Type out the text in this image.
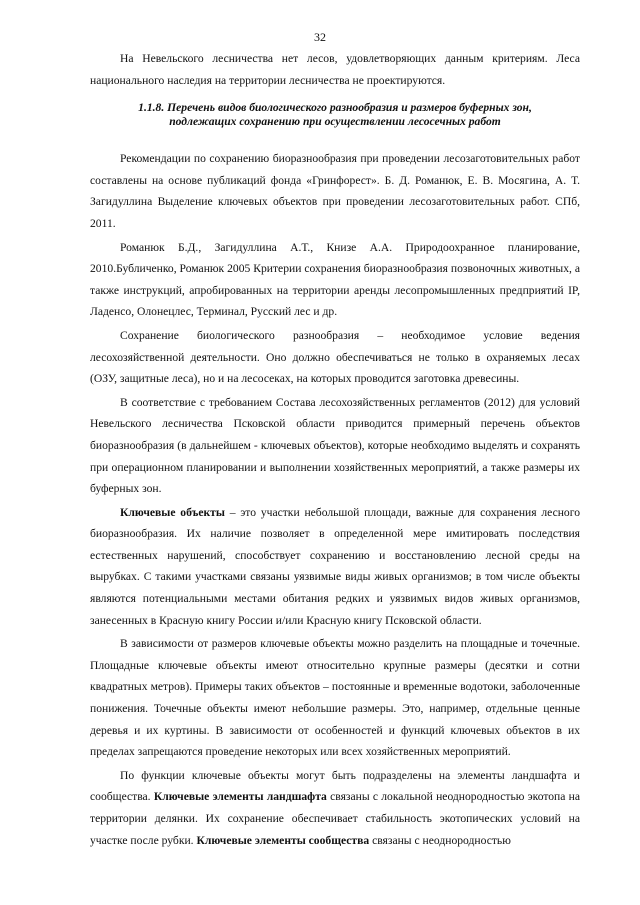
32

На Невельского лесничества нет лесов, удовлетворяющих данным критериям. Леса национального наследия на территории лесничества не проектируются.

1.1.8. Перечень видов биологического разнообразия и размеров буферных зон,
подлежащих сохранению при осуществлении лесосечных работ

Рекомендации по сохранению биоразнообразия при проведении лесозаготовительных работ составлены на основе публикаций фонда «Гринфорест». Б. Д. Романюк, Е. В. Мосягина, А. Т. Загидуллина Выделение ключевых объектов при проведении лесозаготовительных работ. СПб, 2011.

Романюк Б.Д., Загидуллина А.Т., Книзе А.А. Природоохранное планирование, 2010.Бубличенко, Романюк 2005 Критерии сохранения биоразнообразия позвоночных животных, а также инструкций, апробированных на территории аренды лесопромышленных предприятий IP, Ладенсо, Олонецлес, Терминал, Русский лес и др.

Сохранение биологического разнообразия – необходимое условие ведения лесохозяйственной деятельности. Оно должно обеспечиваться не только в охраняемых лесах (ОЗУ, защитные леса), но и на лесосеках, на которых проводится заготовка древесины.

В соответствие с требованием Состава лесохозяйственных регламентов (2012) для условий Невельского лесничества Псковской области приводится примерный перечень объектов биоразнообразия (в дальнейшем - ключевых объектов), которые необходимо выделять и сохранять при операционном планировании и выполнении хозяйственных мероприятий, а также размеры их буферных зон.

Ключевые объекты – это участки небольшой площади, важные для сохранения лесного биоразнообразия. Их наличие позволяет в определенной мере имитировать последствия естественных нарушений, способствует сохранению и восстановлению лесной среды на вырубках. С такими участками связаны уязвимые виды живых организмов; в том числе объекты являются потенциальными местами обитания редких и уязвимых видов живых организмов, занесенных в Красную книгу России и/или Красную книгу Псковской области.

В зависимости от размеров ключевые объекты можно разделить на площадные и точечные. Площадные ключевые объекты имеют относительно крупные размеры (десятки и сотни квадратных метров). Примеры таких объектов – постоянные и временные водотоки, заболоченные понижения. Точечные объекты имеют небольшие размеры. Это, например, отдельные ценные деревья и их куртины. В зависимости от особенностей и функций ключевых объектов в их пределах запрещаются проведение некоторых или всех хозяйственных мероприятий.

По функции ключевые объекты могут быть подразделены на элементы ландшафта и сообщества. Ключевые элементы ландшафта связаны с локальной неоднородностью экотопа на территории делянки. Их сохранение обеспечивает стабильность экотопических условий на участке после рубки. Ключевые элементы сообщества связаны с неоднородностью
